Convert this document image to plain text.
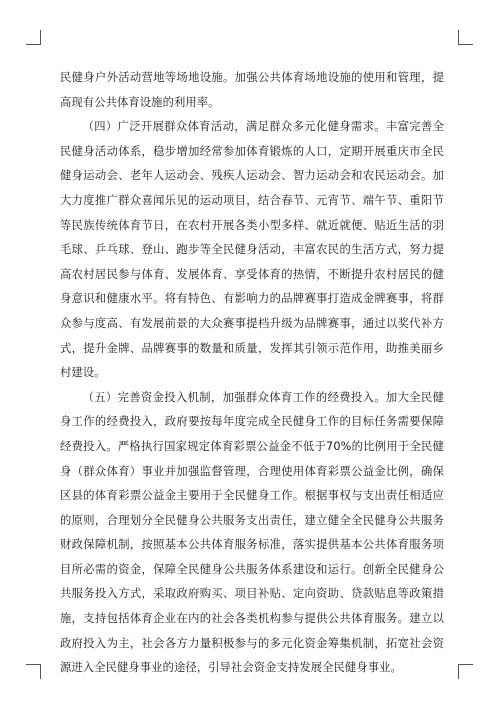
民健身户外活动营地等场地设施。加强公共体育场地设施的使用和管理，提高现有公共体育设施的利用率。

（四）广泛开展群众体育活动，满足群众多元化健身需求。丰富完善全民健身活动体系，稳步增加经常参加体育锻炼的人口，定期开展重庆市全民健身运动会、老年人运动会、残疾人运动会、智力运动会和农民运动会。加大力度推广群众喜闻乐见的运动项目，结合春节、元宵节、端午节、重阳节等民族传统体育节日，在农村开展各类小型多样、就近就便、贴近生活的羽毛球、乒乓球、登山、跑步等全民健身活动，丰富农民的生活方式，努力提高农村居民参与体育、发展体育、享受体育的热情，不断提升农村居民的健身意识和健康水平。将有特色、有影响力的品牌赛事打造成金牌赛事，将群众参与度高、有发展前景的大众赛事提档升级为品牌赛事，通过以奖代补方式，提升金牌、品牌赛事的数量和质量，发挥其引领示范作用，助推美丽乡村建设。

（五）完善资金投入机制，加强群众体育工作的经费投入。加大全民健身工作的经费投入，政府要按每年度完成全民健身工作的目标任务需要保障经费投入。严格执行国家规定体育彩票公益金不低于70%的比例用于全民健身（群众体育）事业并加强监督管理，合理使用体育彩票公益金比例，确保区县的体育彩票公益金主要用于全民健身工作。根据事权与支出责任相适应的原则，合理划分全民健身公共服务支出责任，建立健全全民健身公共服务财政保障机制，按照基本公共体育服务标准，落实提供基本公共体育服务项目所必需的资金，保障全民健身公共服务体系建设和运行。创新全民健身公共服务投入方式，采取政府购买、项目补贴、定向资助、贷款贴息等政策措施，支持包括体育企业在内的社会各类机构参与提供公共体育服务。建立以政府投入为主，社会各方力量积极参与的多元化资金筹集机制，拓宽社会资源进入全民健身事业的途径，引导社会资金支持发展全民健身事业。
